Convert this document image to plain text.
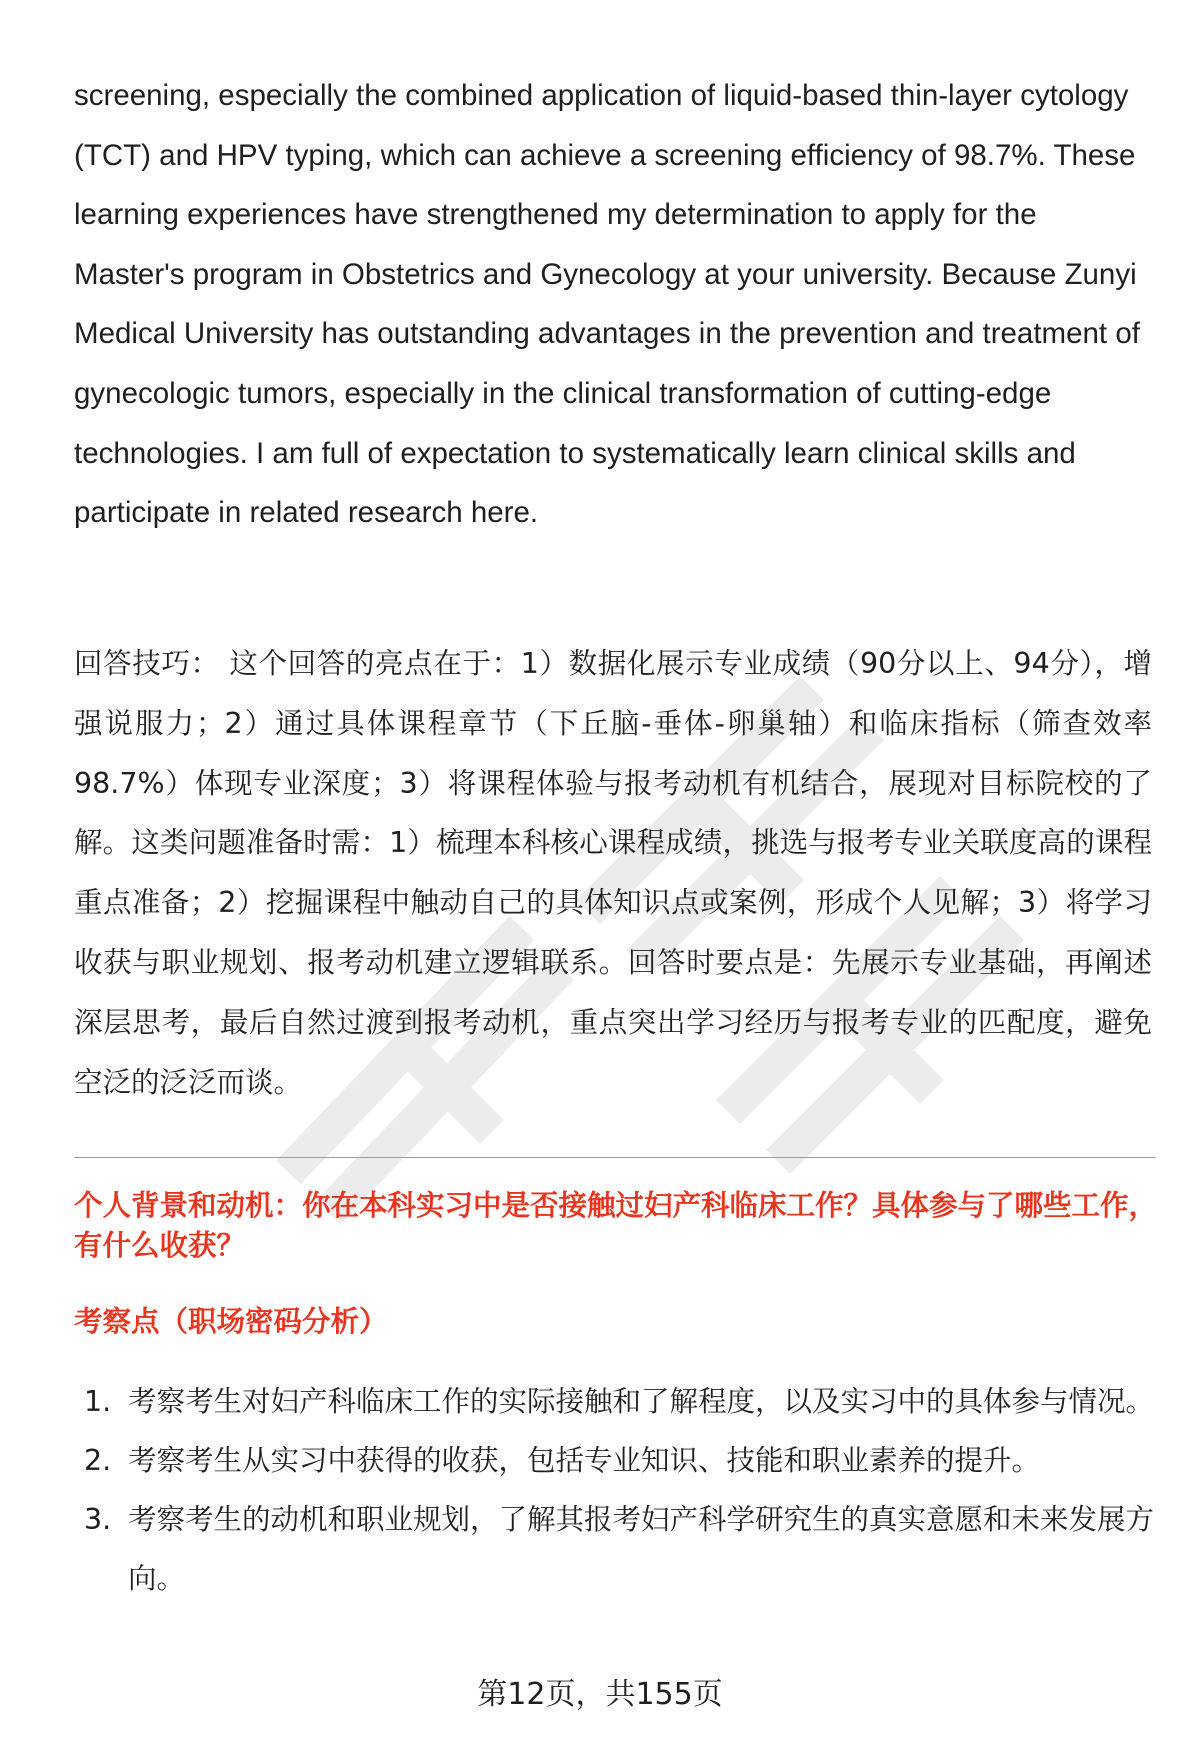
screening, especially the combined application of liquid-based thin-layer cytology (TCT) and HPV typing, which can achieve a screening efficiency of 98.7%. These learning experiences have strengthened my determination to apply for the Master's program in Obstetrics and Gynecology at your university. Because Zunyi Medical University has outstanding advantages in the prevention and treatment of gynecologic tumors, especially in the clinical transformation of cutting-edge technologies. I am full of expectation to systematically learn clinical skills and participate in related research here.

回答技巧： 这个回答的亮点在于：1）数据化展示专业成绩（90分以上、94分），增强说服力；2）通过具体课程章节（下丘脑-垂体-卵巢轴）和临床指标（筛查效率98.7%）体现专业深度；3）将课程体验与报考动机有机结合，展现对目标院校的了解。这类问题准备时需：1）梳理本科核心课程成绩，挑选与报考专业关联度高的课程重点准备；2）挖掘课程中触动自己的具体知识点或案例，形成个人见解；3）将学习收获与职业规划、报考动机建立逻辑联系。回答时要点是：先展示专业基础，再阐述深层思考，最后自然过渡到报考动机，重点突出学习经历与报考专业的匹配度，避免空泛的泛泛而谈。

个人背景和动机：你在本科实习中是否接触过妇产科临床工作？具体参与了哪些工作，有什么收获？

考察点（职场密码分析）

1. 考察考生对妇产科临床工作的实际接触和了解程度，以及实习中的具体参与情况。
2. 考察考生从实习中获得的收获，包括专业知识、技能和职业素养的提升。
3. 考察考生的动机和职业规划，了解其报考妇产科学研究生的真实意愿和未来发展方向。
第12页，共155页
